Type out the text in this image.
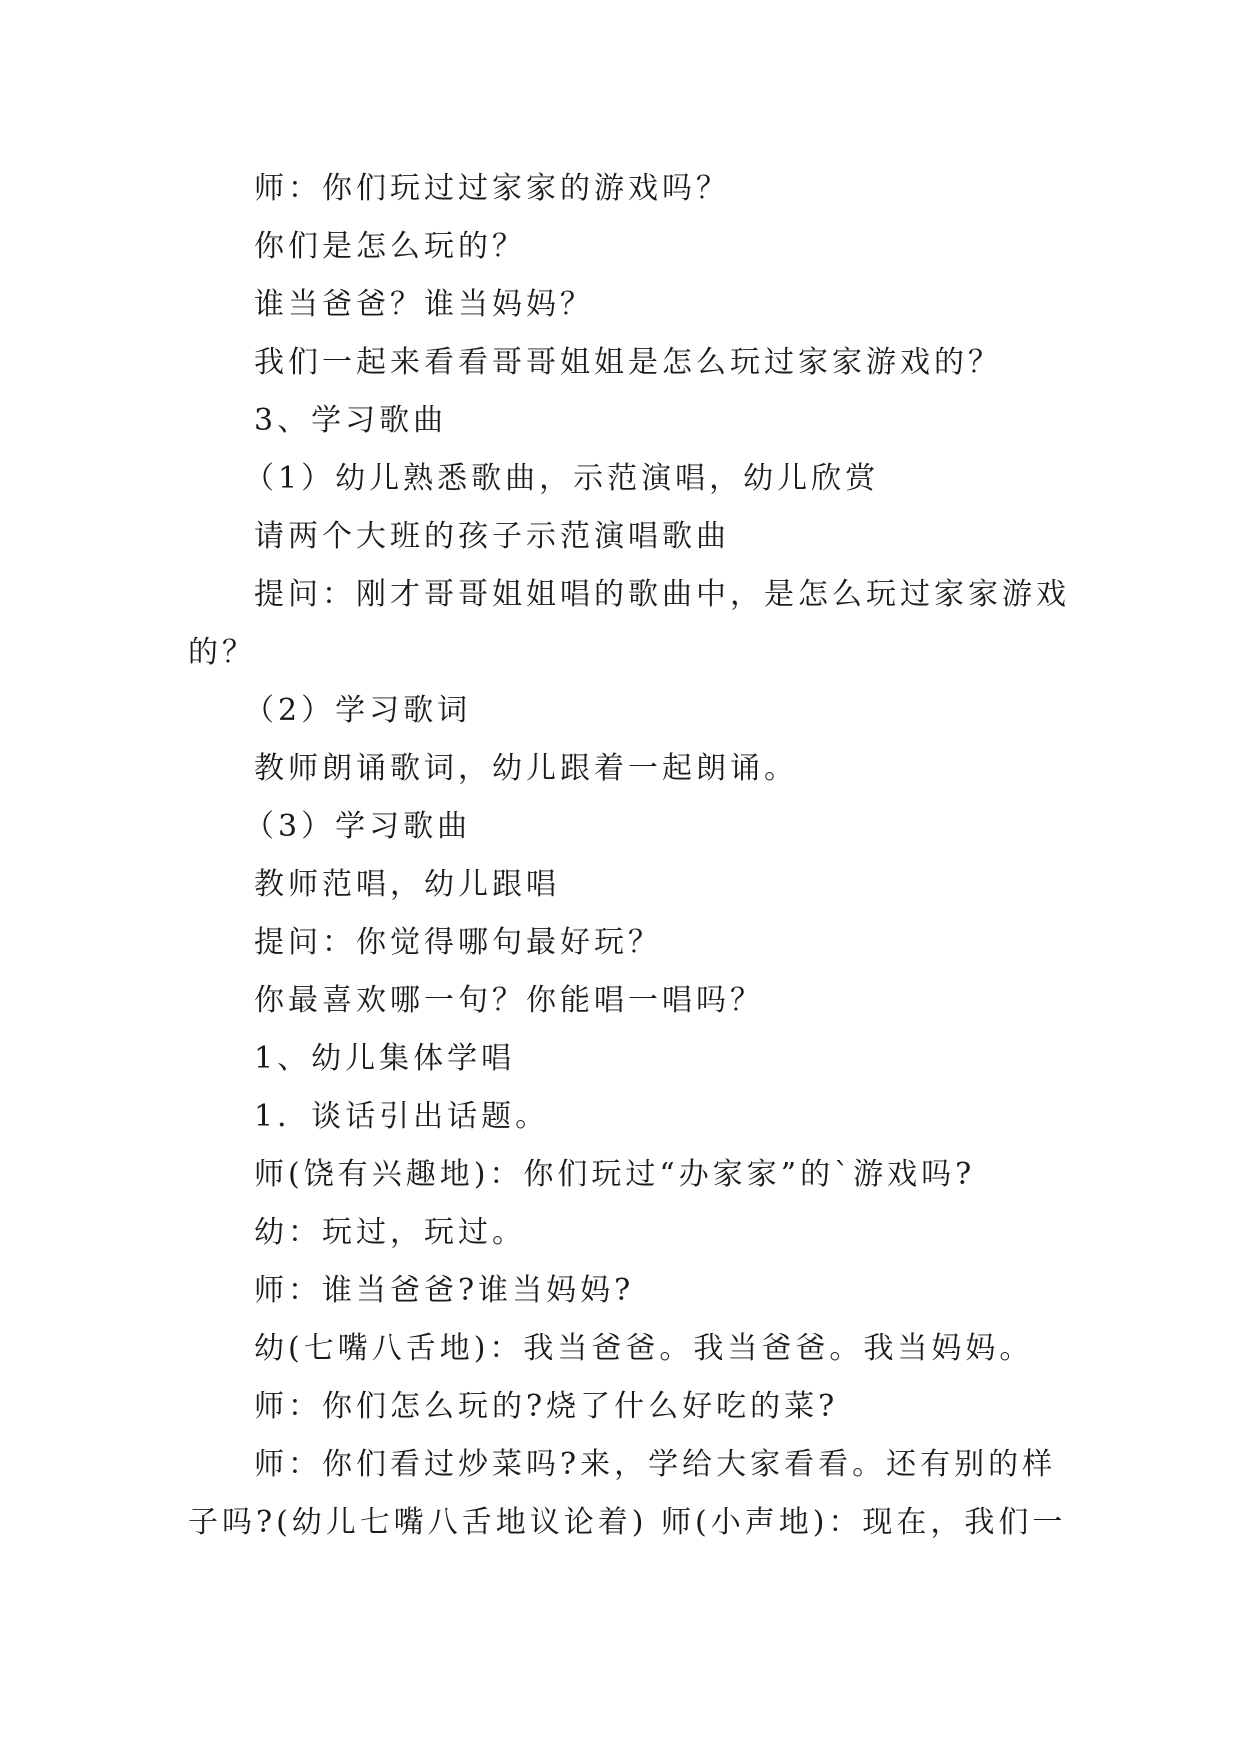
师：你们玩过过家家的游戏吗？
你们是怎么玩的？
谁当爸爸？谁当妈妈？
我们一起来看看哥哥姐姐是怎么玩过家家游戏的？
3、学习歌曲
（1）幼儿熟悉歌曲，示范演唱，幼儿欣赏
请两个大班的孩子示范演唱歌曲
提问：刚才哥哥姐姐唱的歌曲中，是怎么玩过家家游戏
的？
（2）学习歌词
教师朗诵歌词，幼儿跟着一起朗诵。
（3）学习歌曲
教师范唱，幼儿跟唱
提问：你觉得哪句最好玩？
你最喜欢哪一句？你能唱一唱吗？
1、幼儿集体学唱
1．谈话引出话题。
师(饶有兴趣地)：你们玩过“办家家”的`游戏吗?
幼：玩过，玩过。
师：谁当爸爸?谁当妈妈?
幼(七嘴八舌地)：我当爸爸。我当爸爸。我当妈妈。
师：你们怎么玩的?烧了什么好吃的菜?
师：你们看过炒菜吗?来，学给大家看看。还有别的样
子吗?(幼儿七嘴八舌地议论着) 师(小声地)：现在，我们一
